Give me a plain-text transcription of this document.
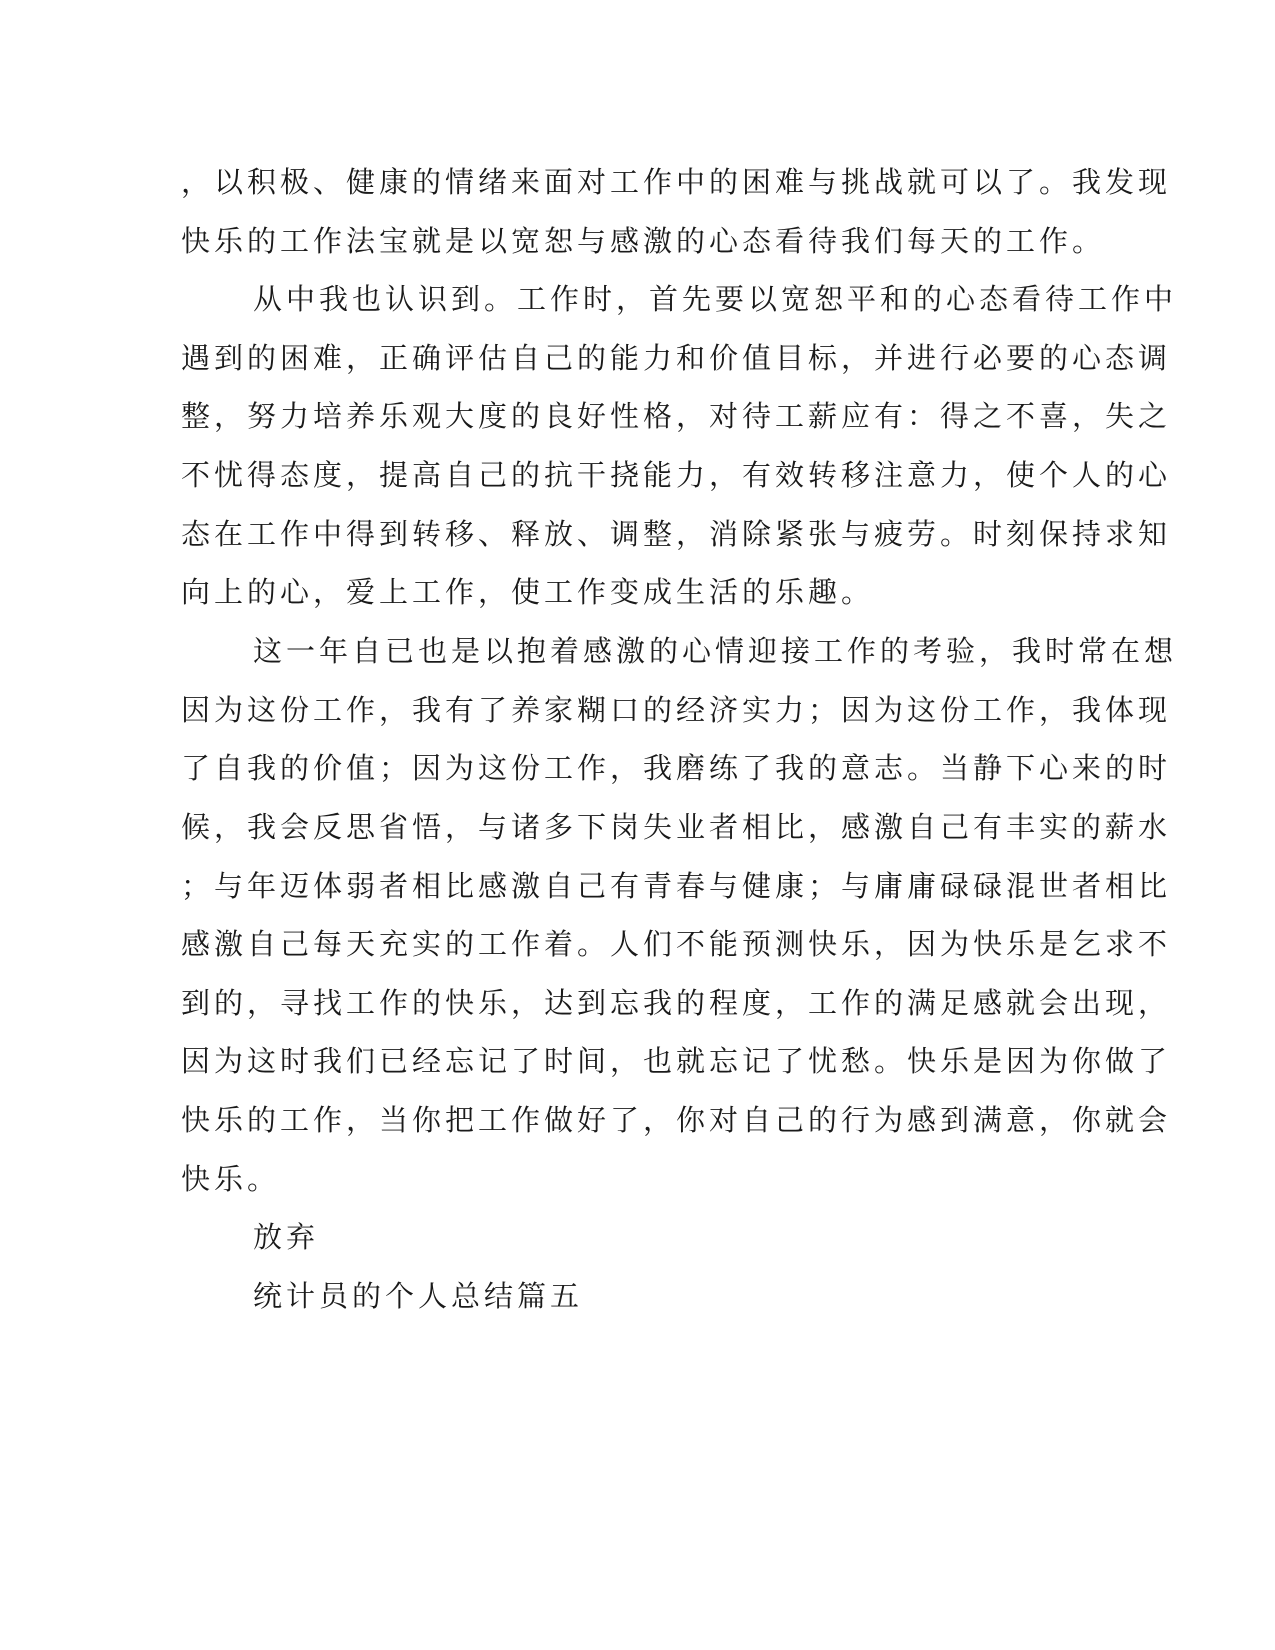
，以积极、健康的情绪来面对工作中的困难与挑战就可以了。我发现

快乐的工作法宝就是以宽恕与感激的心态看待我们每天的工作。

从中我也认识到。工作时，首先要以宽恕平和的心态看待工作中

遇到的困难，正确评估自己的能力和价值目标，并进行必要的心态调

整，努力培养乐观大度的良好性格，对待工薪应有：得之不喜，失之

不忧得态度，提高自己的抗干挠能力，有效转移注意力，使个人的心

态在工作中得到转移、释放、调整，消除紧张与疲劳。时刻保持求知

向上的心，爱上工作，使工作变成生活的乐趣。

这一年自已也是以抱着感激的心情迎接工作的考验，我时常在想

因为这份工作，我有了养家糊口的经济实力；因为这份工作，我体现

了自我的价值；因为这份工作，我磨练了我的意志。当静下心来的时

候，我会反思省悟，与诸多下岗失业者相比，感激自己有丰实的薪水

；与年迈体弱者相比感激自己有青春与健康；与庸庸碌碌混世者相比

感激自己每天充实的工作着。人们不能预测快乐，因为快乐是乞求不

到的，寻找工作的快乐，达到忘我的程度，工作的满足感就会出现，

因为这时我们已经忘记了时间，也就忘记了忧愁。快乐是因为你做了

快乐的工作，当你把工作做好了，你对自己的行为感到满意，你就会

快乐。

放弃

统计员的个人总结篇五
